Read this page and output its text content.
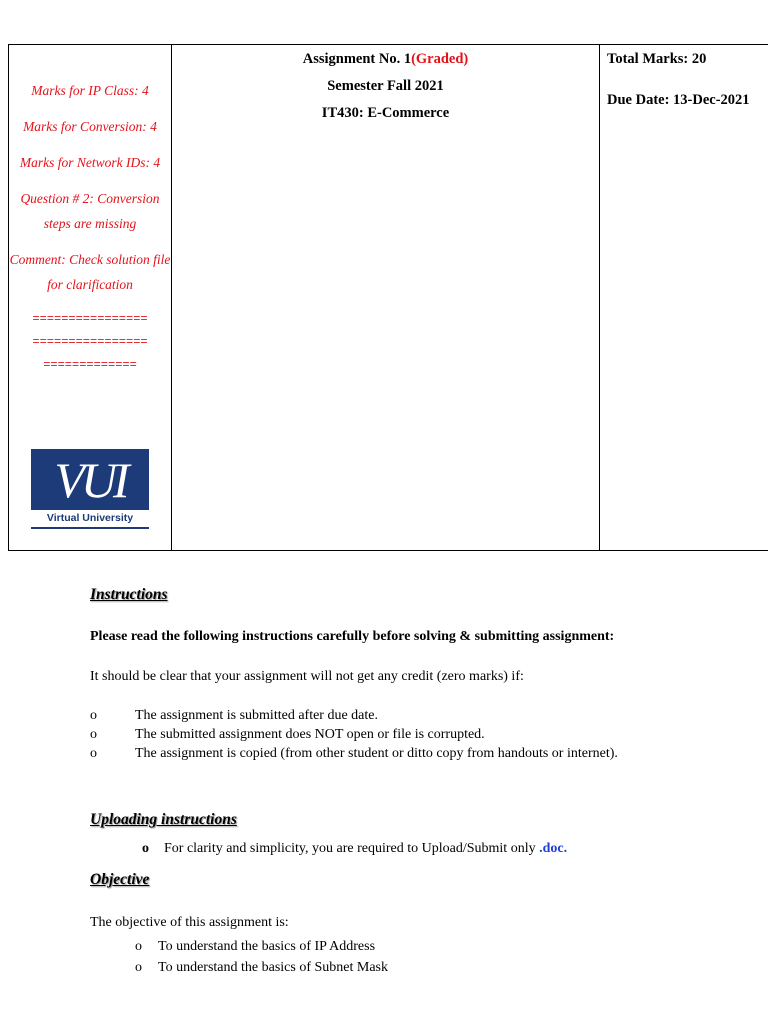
Marks for IP Class: 4

Marks for Conversion: 4

Marks for Network IDs: 4

Question # 2: Conversion steps are missing

Comment: Check solution file for clarification

================
================
=============
VUI
Virtual University

Assignment No. 1(Graded)
Semester Fall 2021
IT430: E-Commerce

Total Marks: 20
Due Date: 13-Dec-2021
Instructions
Please read the following instructions carefully before solving & submitting assignment:
It should be clear that your assignment will not get any credit (zero marks) if:
o	The assignment is submitted after due date.
o	The submitted assignment does NOT open or file is corrupted.
o	The assignment is copied (from other student or ditto copy from handouts or internet).
Uploading instructions
o For clarity and simplicity, you are required to Upload/Submit only .doc.
Objective
The objective of this assignment is:
o To understand the basics of IP Address
o To understand the basics of Subnet Mask
